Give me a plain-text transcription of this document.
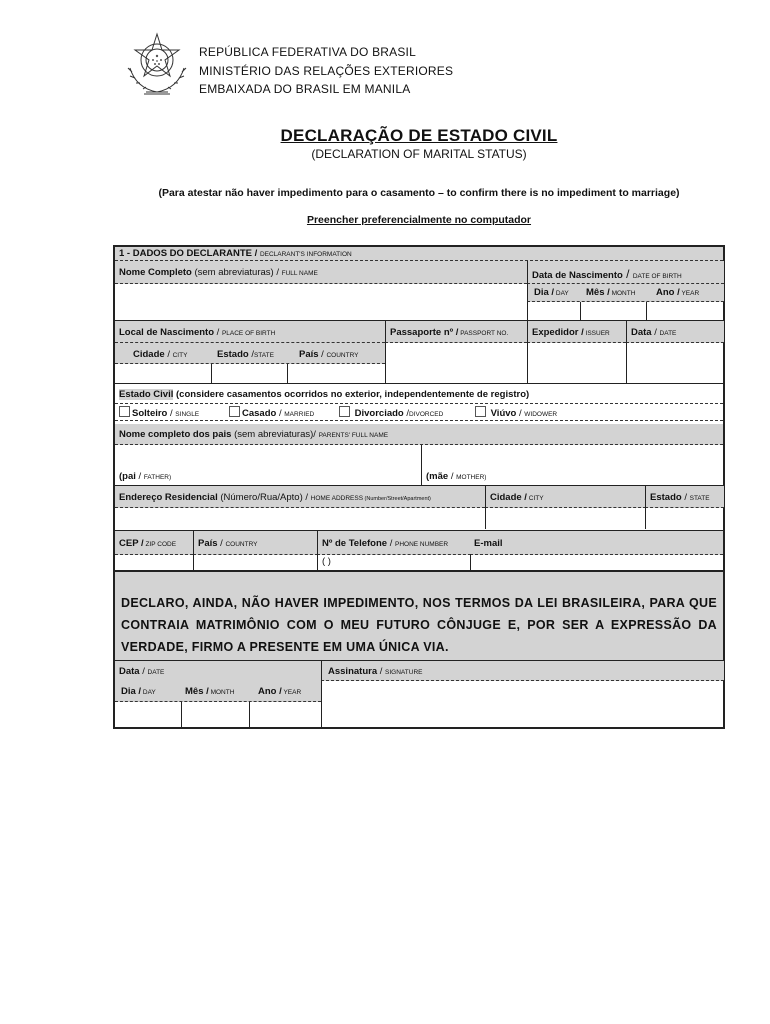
REPÚBLICA FEDERATIVA DO BRASIL
MINISTÉRIO DAS RELAÇÕES EXTERIORES
EMBAIXADA DO BRASIL EM MANILA
DECLARAÇÃO DE ESTADO CIVIL
(DECLARATION OF MARITAL STATUS)
(Para atestar não haver impedimento para o casamento – to confirm there is no impediment to marriage)
Preencher preferencialmente no computador
1 - DADOS DO DECLARANTE / DECLARANT'S INFORMATION
Nome Completo (sem abreviaturas) / FULL NAME	Data de Nascimento / DATE OF BIRTH
Dia / DAY Mês / MONTH Ano / YEAR
Local de Nascimento / PLACE OF BIRTH	Passaporte nº / PASSPORT NO. Expedidor / ISSUER Data / DATE
Cidade / CITY	Estado /STATE	País / COUNTRY
Estado Civil (considere casamentos ocorridos no exterior, independentemente de registro)
Solteiro / SINGLE	Casado / MARRIED	Divorciado /DIVORCED	Viúvo / WIDOWER
Nome completo dos pais (sem abreviaturas)/ PARENTS' FULL NAME
(pai / FATHER)	(mãe / MOTHER)
Endereço Residencial (Número/Rua/Apto) / HOME ADDRESS (Number/Street/Apartment)	Cidade / CITY	Estado / STATE
CEP / ZIP CODE País / COUNTRY	Nº de Telefone / PHONE NUMBER	E-mail
( )
DECLARO, AINDA, NÃO HAVER IMPEDIMENTO, NOS TERMOS DA LEI BRASILEIRA, PARA QUE CONTRAIA MATRIMÔNIO COM O MEU FUTURO CÔNJUGE E, POR SER A EXPRESSÃO DA VERDADE, FIRMO A PRESENTE EM UMA ÚNICA VIA.
Data / DATE	Assinatura / SIGNATURE
Dia / DAY	Mês / MONTH Ano / YEAR
